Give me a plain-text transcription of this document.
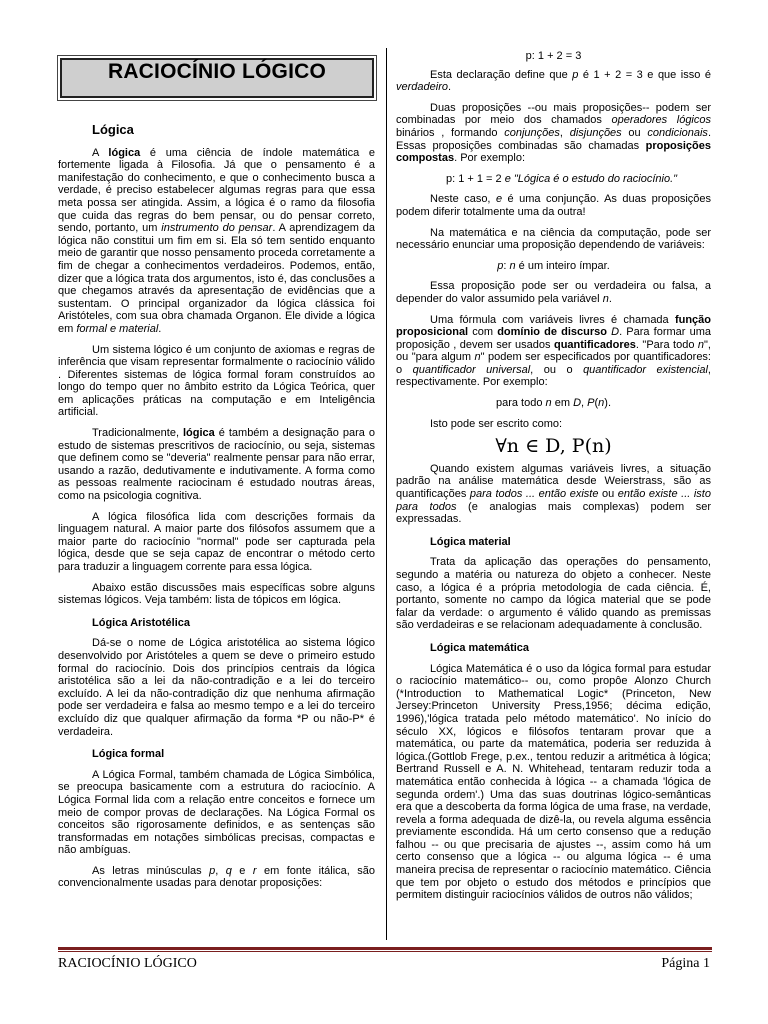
RACIOCÍNIO LÓGICO
Lógica

A lógica é uma ciência de índole matemática e fortemente ligada à Filosofia. Já que o pensamento é a manifestação do conhecimento, e que o conhecimento busca a verdade, é preciso estabelecer algumas regras para que essa meta possa ser atingida. Assim, a lógica é o ramo da filosofia que cuida das regras do bem pensar, ou do pensar correto, sendo, portanto, um instrumento do pensar. A aprendizagem da lógica não constitui um fim em si. Ela só tem sentido enquanto meio de garantir que nosso pensamento proceda corretamente a fim de chegar a conhecimentos verdadeiros. Podemos, então, dizer que a lógica trata dos argumentos, isto é, das conclusões a que chegamos através da apresentação de evidências que a sustentam. O principal organizador da lógica clássica foi Aristóteles, com sua obra chamada Organon. Ele divide a lógica em formal e material.

Um sistema lógico é um conjunto de axiomas e regras de inferência que visam representar formalmente o raciocínio válido . Diferentes sistemas de lógica formal foram construídos ao longo do tempo quer no âmbito estrito da Lógica Teórica, quer em aplicações práticas na computação e em Inteligência artificial.

Tradicionalmente, lógica é também a designação para o estudo de sistemas prescritivos de raciocínio, ou seja, sistemas que definem como se "deveria" realmente pensar para não errar, usando a razão, dedutivamente e indutivamente. A forma como as pessoas realmente raciocinam é estudado noutras áreas, como na psicologia cognitiva.

A lógica filosófica lida com descrições formais da linguagem natural. A maior parte dos filósofos assumem que a maior parte do raciocínio "normal" pode ser capturada pela lógica, desde que se seja capaz de encontrar o método certo para traduzir a linguagem corrente para essa lógica.

Abaixo estão discussões mais específicas sobre alguns sistemas lógicos. Veja também: lista de tópicos em lógica.

Lógica Aristotélica

Dá-se o nome de Lógica aristotélica ao sistema lógico desenvolvido por Aristóteles a quem se deve o primeiro estudo formal do raciocínio. Dois dos princípios centrais da lógica aristotélica são a lei da não-contradição e a lei do terceiro excluído. A lei da não-contradição diz que nenhuma afirmação pode ser verdadeira e falsa ao mesmo tempo e a lei do terceiro excluído diz que qualquer afirmação da forma *P ou não-P* é verdadeira.

Lógica formal

A Lógica Formal, também chamada de Lógica Simbólica, se preocupa basicamente com a estrutura do raciocínio. A Lógica Formal lida com a relação entre conceitos e fornece um meio de compor provas de declarações. Na Lógica Formal os conceitos são rigorosamente definidos, e as sentenças são transformadas em notações simbólicas precisas, compactas e não ambíguas.

As letras minúsculas p, q e r em fonte itálica, são convencionalmente usadas para denotar proposições:

p: 1 + 2 = 3

Esta declaração define que p é 1 + 2 = 3 e que isso é verdadeiro.

Duas proposições --ou mais proposições-- podem ser combinadas por meio dos chamados operadores lógicos binários , formando conjunções, disjunções ou condicionais. Essas proposições combinadas são chamadas proposições compostas. Por exemplo:

p: 1 + 1 = 2 e "Lógica é o estudo do raciocínio."

Neste caso, e é uma conjunção. As duas proposições podem diferir totalmente uma da outra!

Na matemática e na ciência da computação, pode ser necessário enunciar uma proposição dependendo de variáveis:

p: n é um inteiro ímpar.

Essa proposição pode ser ou verdadeira ou falsa, a depender do valor assumido pela variável n.

Uma fórmula com variáveis livres é chamada função proposicional com domínio de discurso D. Para formar uma proposição , devem ser usados quantificadores. "Para todo n", ou "para algum n" podem ser especificados por quantificadores: o quantificador universal, ou o quantificador existencial, respectivamente. Por exemplo:

para todo n em D, P(n).

Isto pode ser escrito como:

∀n ∈ D, P(n)

Quando existem algumas variáveis livres, a situação padrão na análise matemática desde Weierstrass, são as quantificações para todos ... então existe ou então existe ... isto para todos (e analogias mais complexas) podem ser expressadas.

Lógica material

Trata da aplicação das operações do pensamento, segundo a matéria ou natureza do objeto a conhecer. Neste caso, a lógica é a própria metodologia de cada ciência. É, portanto, somente no campo da lógica material que se pode falar da verdade: o argumento é válido quando as premissas são verdadeiras e se relacionam adequadamente à conclusão.

Lógica matemática

Lógica Matemática é o uso da lógica formal para estudar o raciocínio matemático-- ou, como propôe Alonzo Church (*Introduction to Mathematical Logic* (Princeton, New Jersey:Princeton University Press,1956; décima edição, 1996),'lógica tratada pelo método matemático'. No início do século XX, lógicos e filósofos tentaram provar que a matemática, ou parte da matemática, poderia ser reduzida à lógica.(Gottlob Frege, p.ex., tentou reduzir a aritmética à lógica; Bertrand Russell e A. N. Whitehead, tentaram reduzir toda a matemática então conhecida à lógica -- a chamada 'lógica de segunda ordem'.) Uma das suas doutrinas lógico-semânticas era que a descoberta da forma lógica de uma frase, na verdade, revela a forma adequada de dizê-la, ou revela alguma essência previamente escondida. Há um certo consenso que a redução falhou -- ou que precisaria de ajustes --, assim como há um certo consenso que a lógica -- ou alguma lógica -- é uma maneira precisa de representar o raciocínio matemático. Ciência que tem por objeto o estudo dos métodos e princípios que permitem distinguir raciocínios válidos de outros não válidos;

RACIOCÍNIO LÓGICO	Página 1
